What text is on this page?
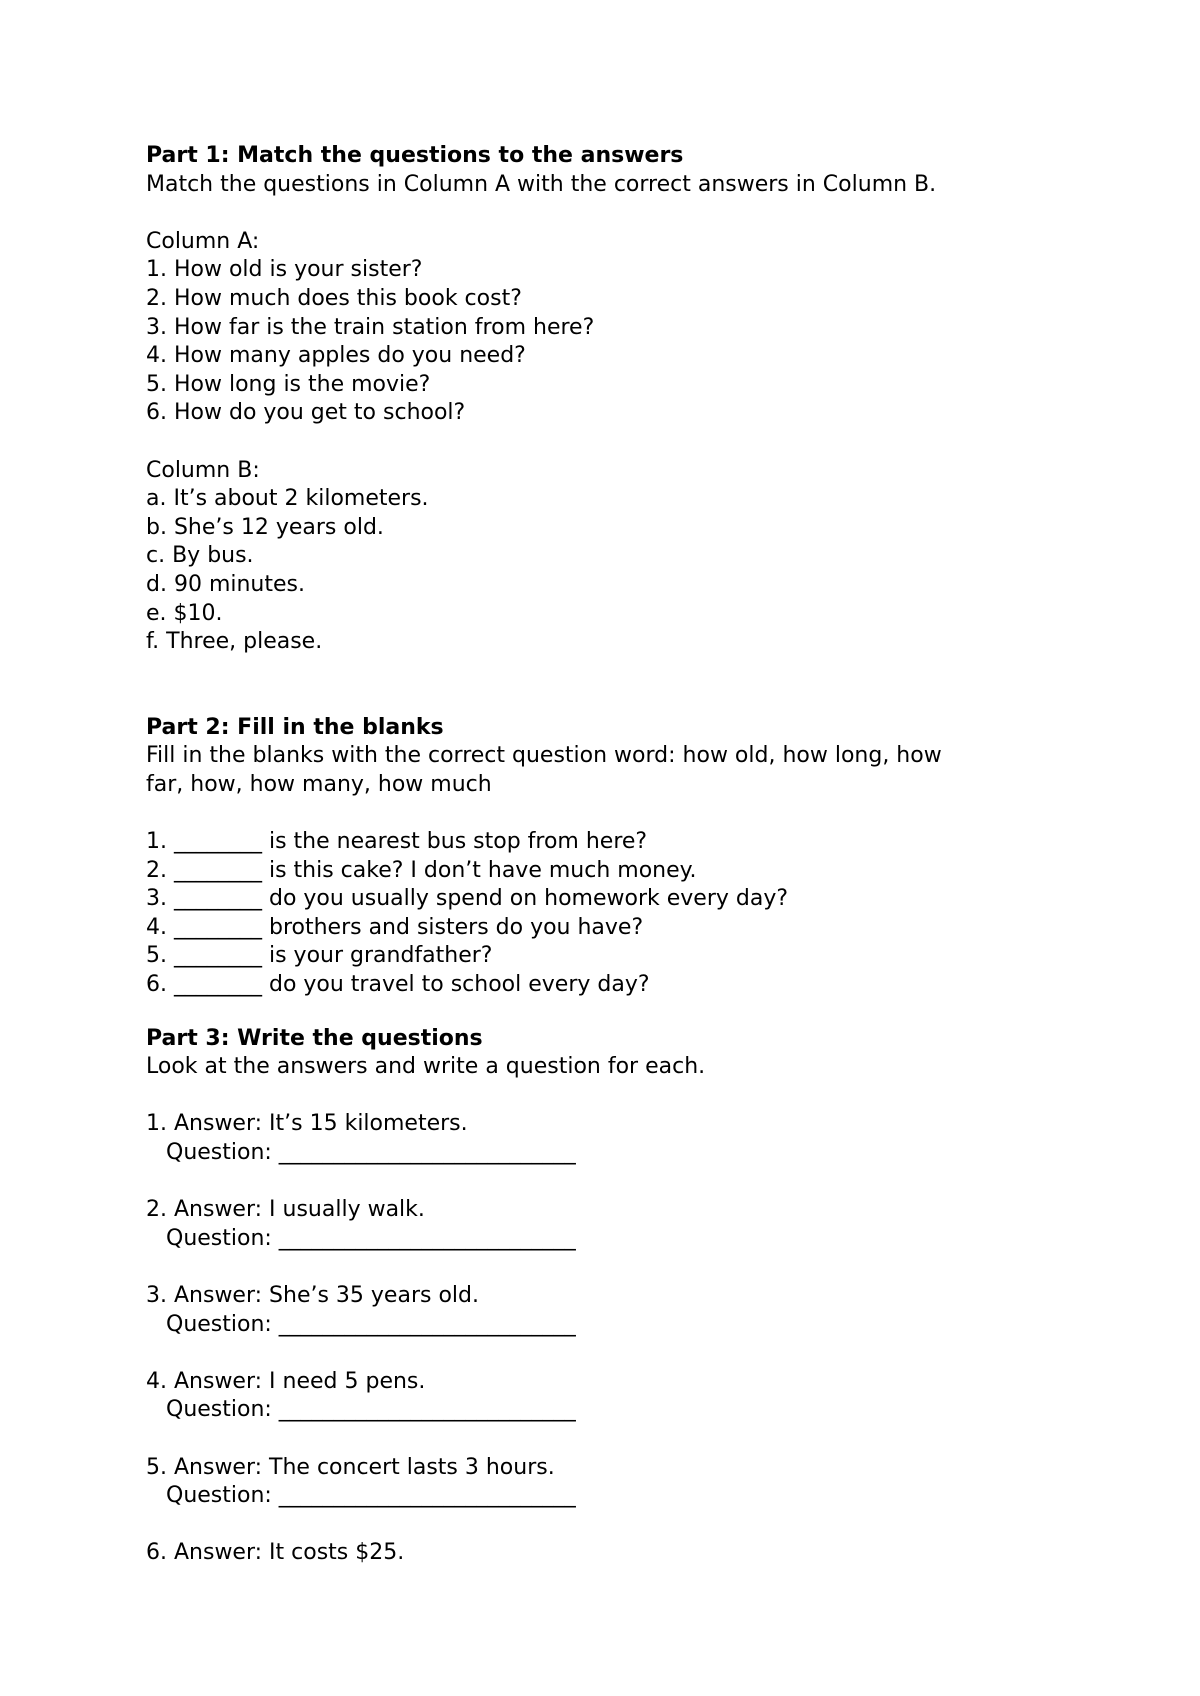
Part 1: Match the questions to the answers
Match the questions in Column A with the correct answers in Column B.
Column A:
1. How old is your sister?
2. How much does this book cost?
3. How far is the train station from here?
4. How many apples do you need?
5. How long is the movie?
6. How do you get to school?
Column B:
a. It’s about 2 kilometers.
b. She’s 12 years old.
c. By bus.
d. 90 minutes.
e. $10.
f. Three, please.
Part 2: Fill in the blanks
Fill in the blanks with the correct question word: how old, how long, how
far, how, how many, how much
1. ________ is the nearest bus stop from here?
2. ________ is this cake? I don’t have much money.
3. ________ do you usually spend on homework every day?
4. ________ brothers and sisters do you have?
5. ________ is your grandfather?
6. ________ do you travel to school every day?
Part 3: Write the questions
Look at the answers and write a question for each.
1. Answer: It’s 15 kilometers.
Question: ___________________________
2. Answer: I usually walk.
Question: ___________________________
3. Answer: She’s 35 years old.
Question: ___________________________
4. Answer: I need 5 pens.
Question: ___________________________
5. Answer: The concert lasts 3 hours.
Question: ___________________________
6. Answer: It costs $25.
